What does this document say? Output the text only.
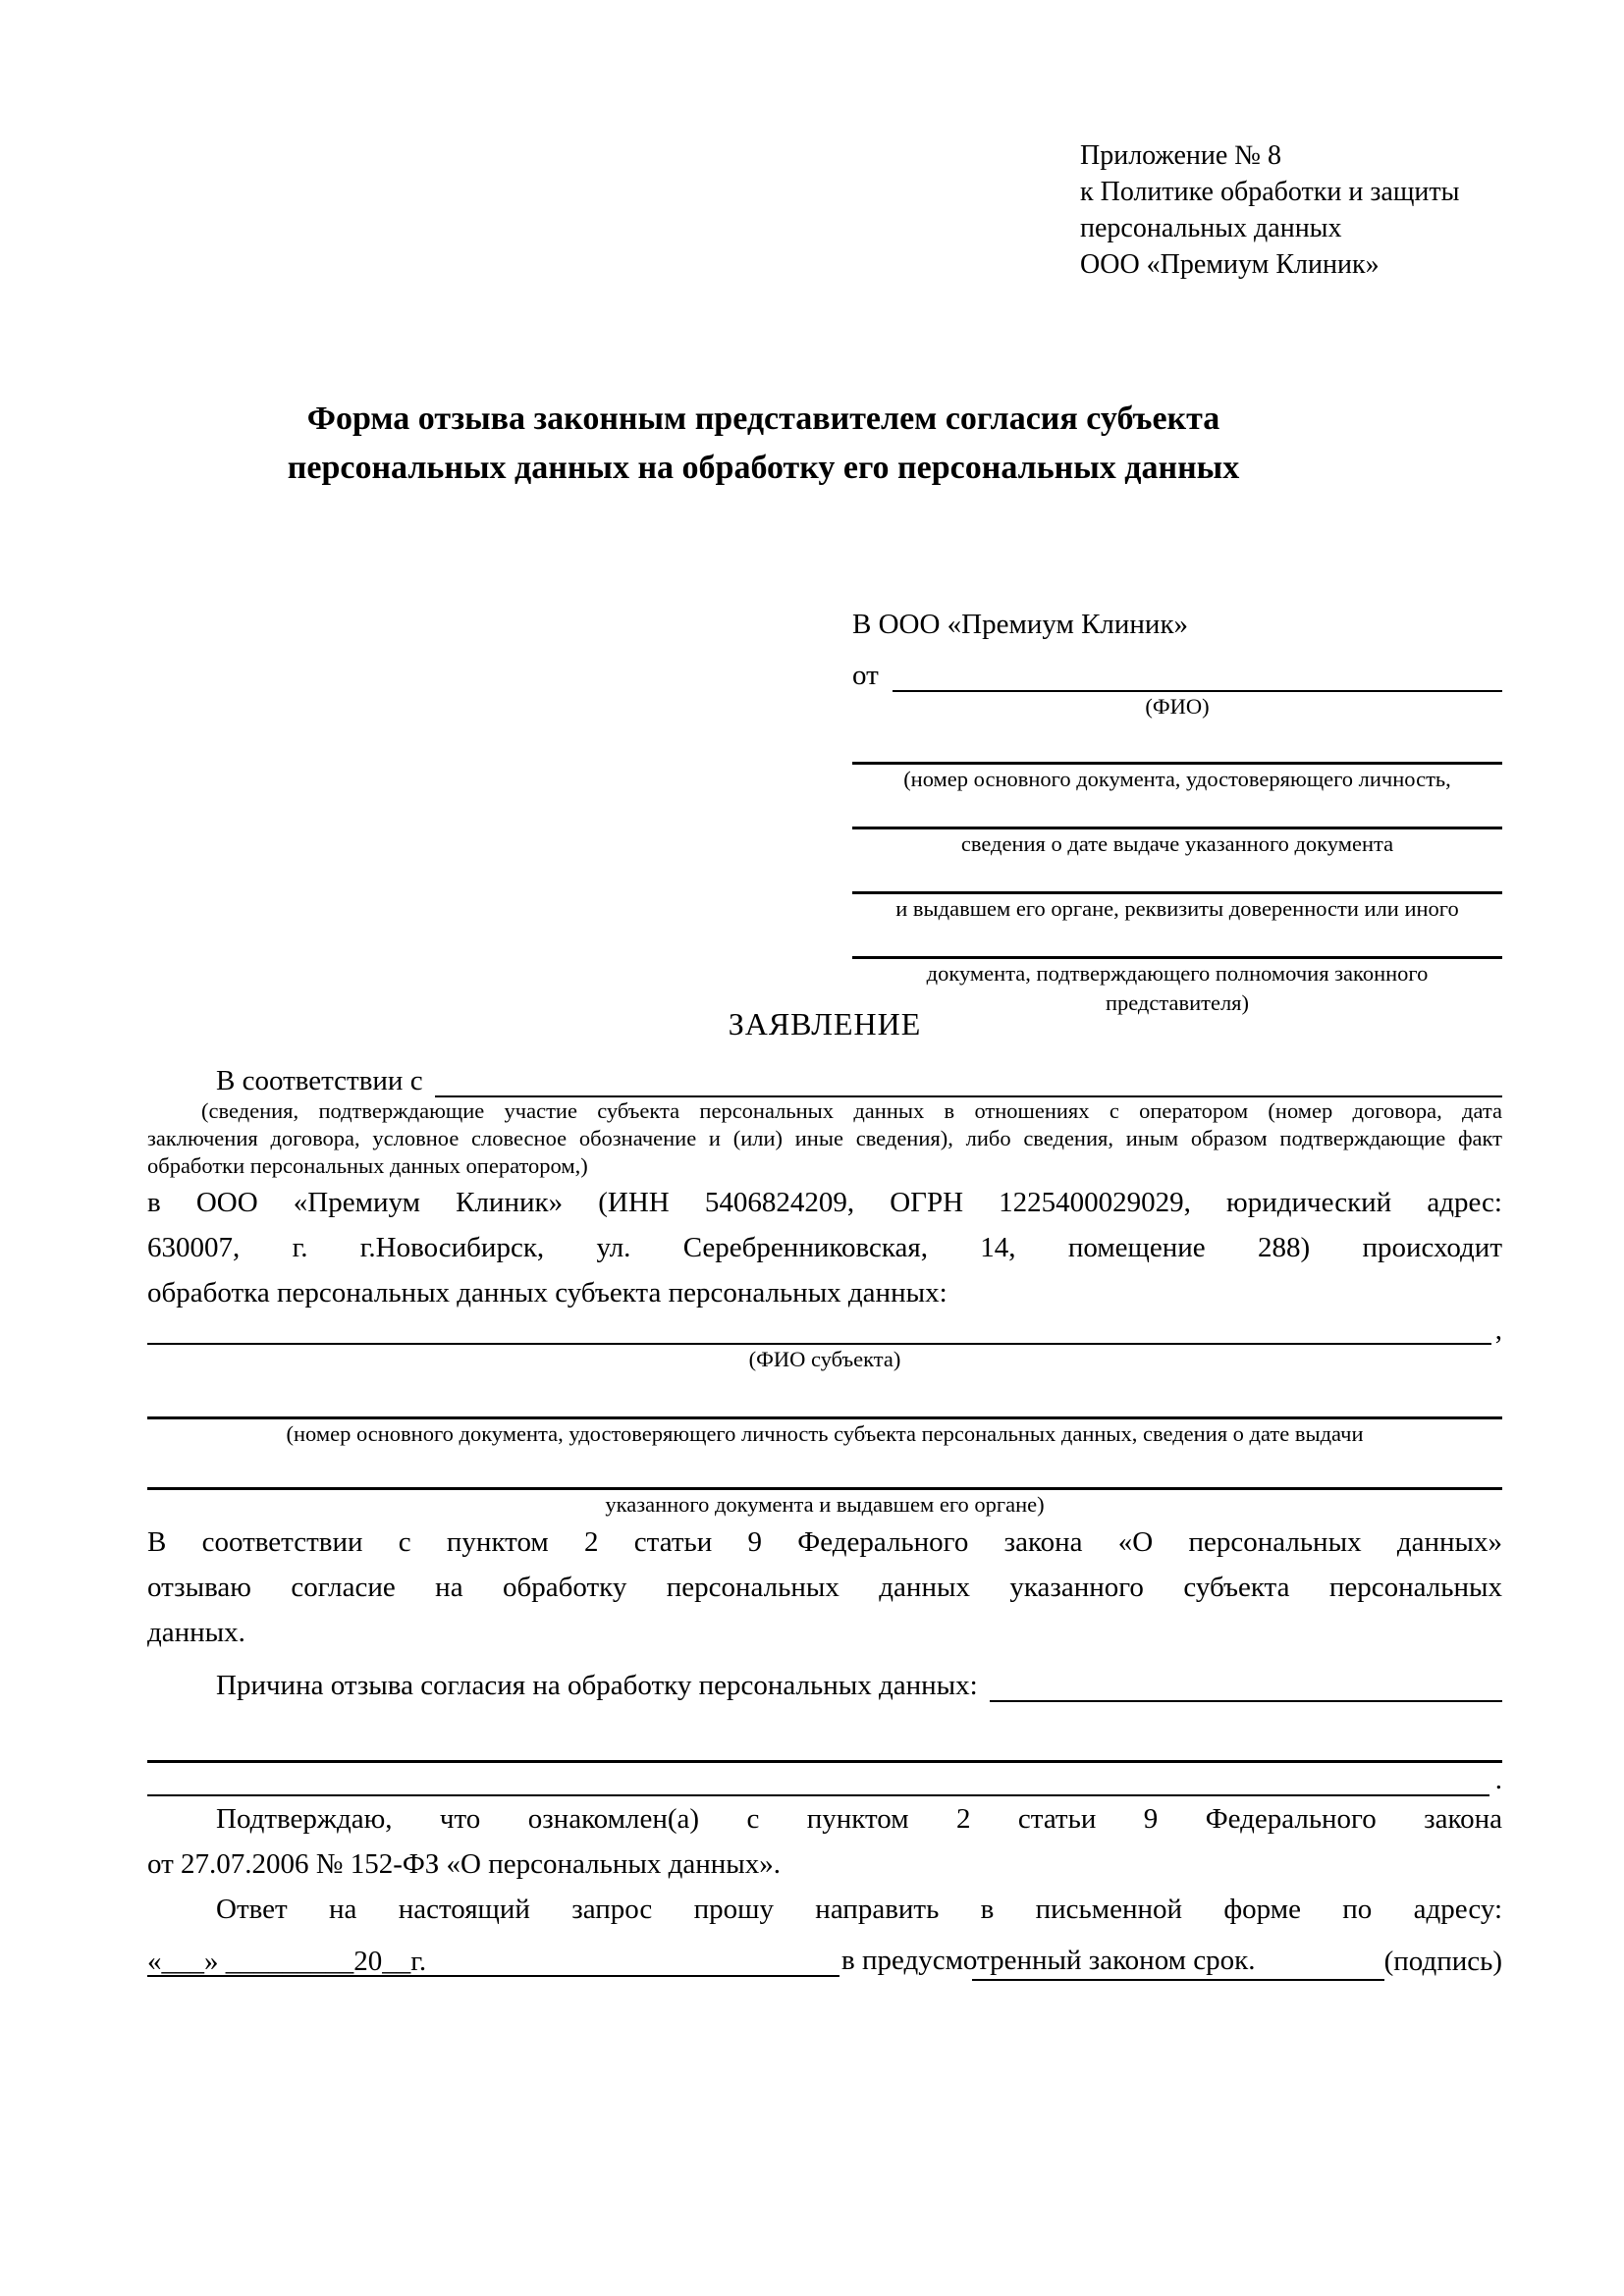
Приложение № 8
к Политике обработки и защиты
персональных данных
ООО «Премиум Клиник»
Форма отзыва законным представителем согласия субъекта
персональных данных на обработку его персональных данных
В ООО «Премиум Клиник»
от
(ФИО)
(номер основного документа, удостоверяющего личность,
сведения о дате выдаче указанного документа
и выдавшем его органе, реквизиты доверенности или иного
документа, подтверждающего полномочия законного представителя)
ЗАЯВЛЕНИЕ
В соответствии с
(сведения, подтверждающие участие субъекта персональных данных в отношениях с оператором (номер договора, дата
заключения договора, условное словесное обозначение и (или) иные сведения), либо сведения, иным образом подтверждающие факт
обработки персональных данных оператором,)
в ООО «Премиум Клиник» (ИНН 5406824209, ОГРН 1225400029029, юридический адрес:
630007, г. г.Новосибирск, ул. Серебренниковская, 14, помещение 288) происходит
обработка персональных данных субъекта персональных данных:
,
(ФИО субъекта)
(номер основного документа, удостоверяющего личность субъекта персональных данных, сведения о дате выдачи
указанного документа и выдавшем его органе)
В соответствии с пунктом 2 статьи 9 Федерального закона «О персональных данных»
отзываю согласие на обработку персональных данных указанного субъекта персональных
данных.
Причина отзыва согласия на обработку персональных данных:
.
Подтверждаю, что ознакомлен(а) с пунктом 2 статьи 9 Федерального закона
от 27.07.2006 № 152-ФЗ «О персональных данных».
Ответ на настоящий запрос прошу направить в письменной форме по адресу:
в предусмотренный законом срок.
«___» _________20__г.	(подпись)
